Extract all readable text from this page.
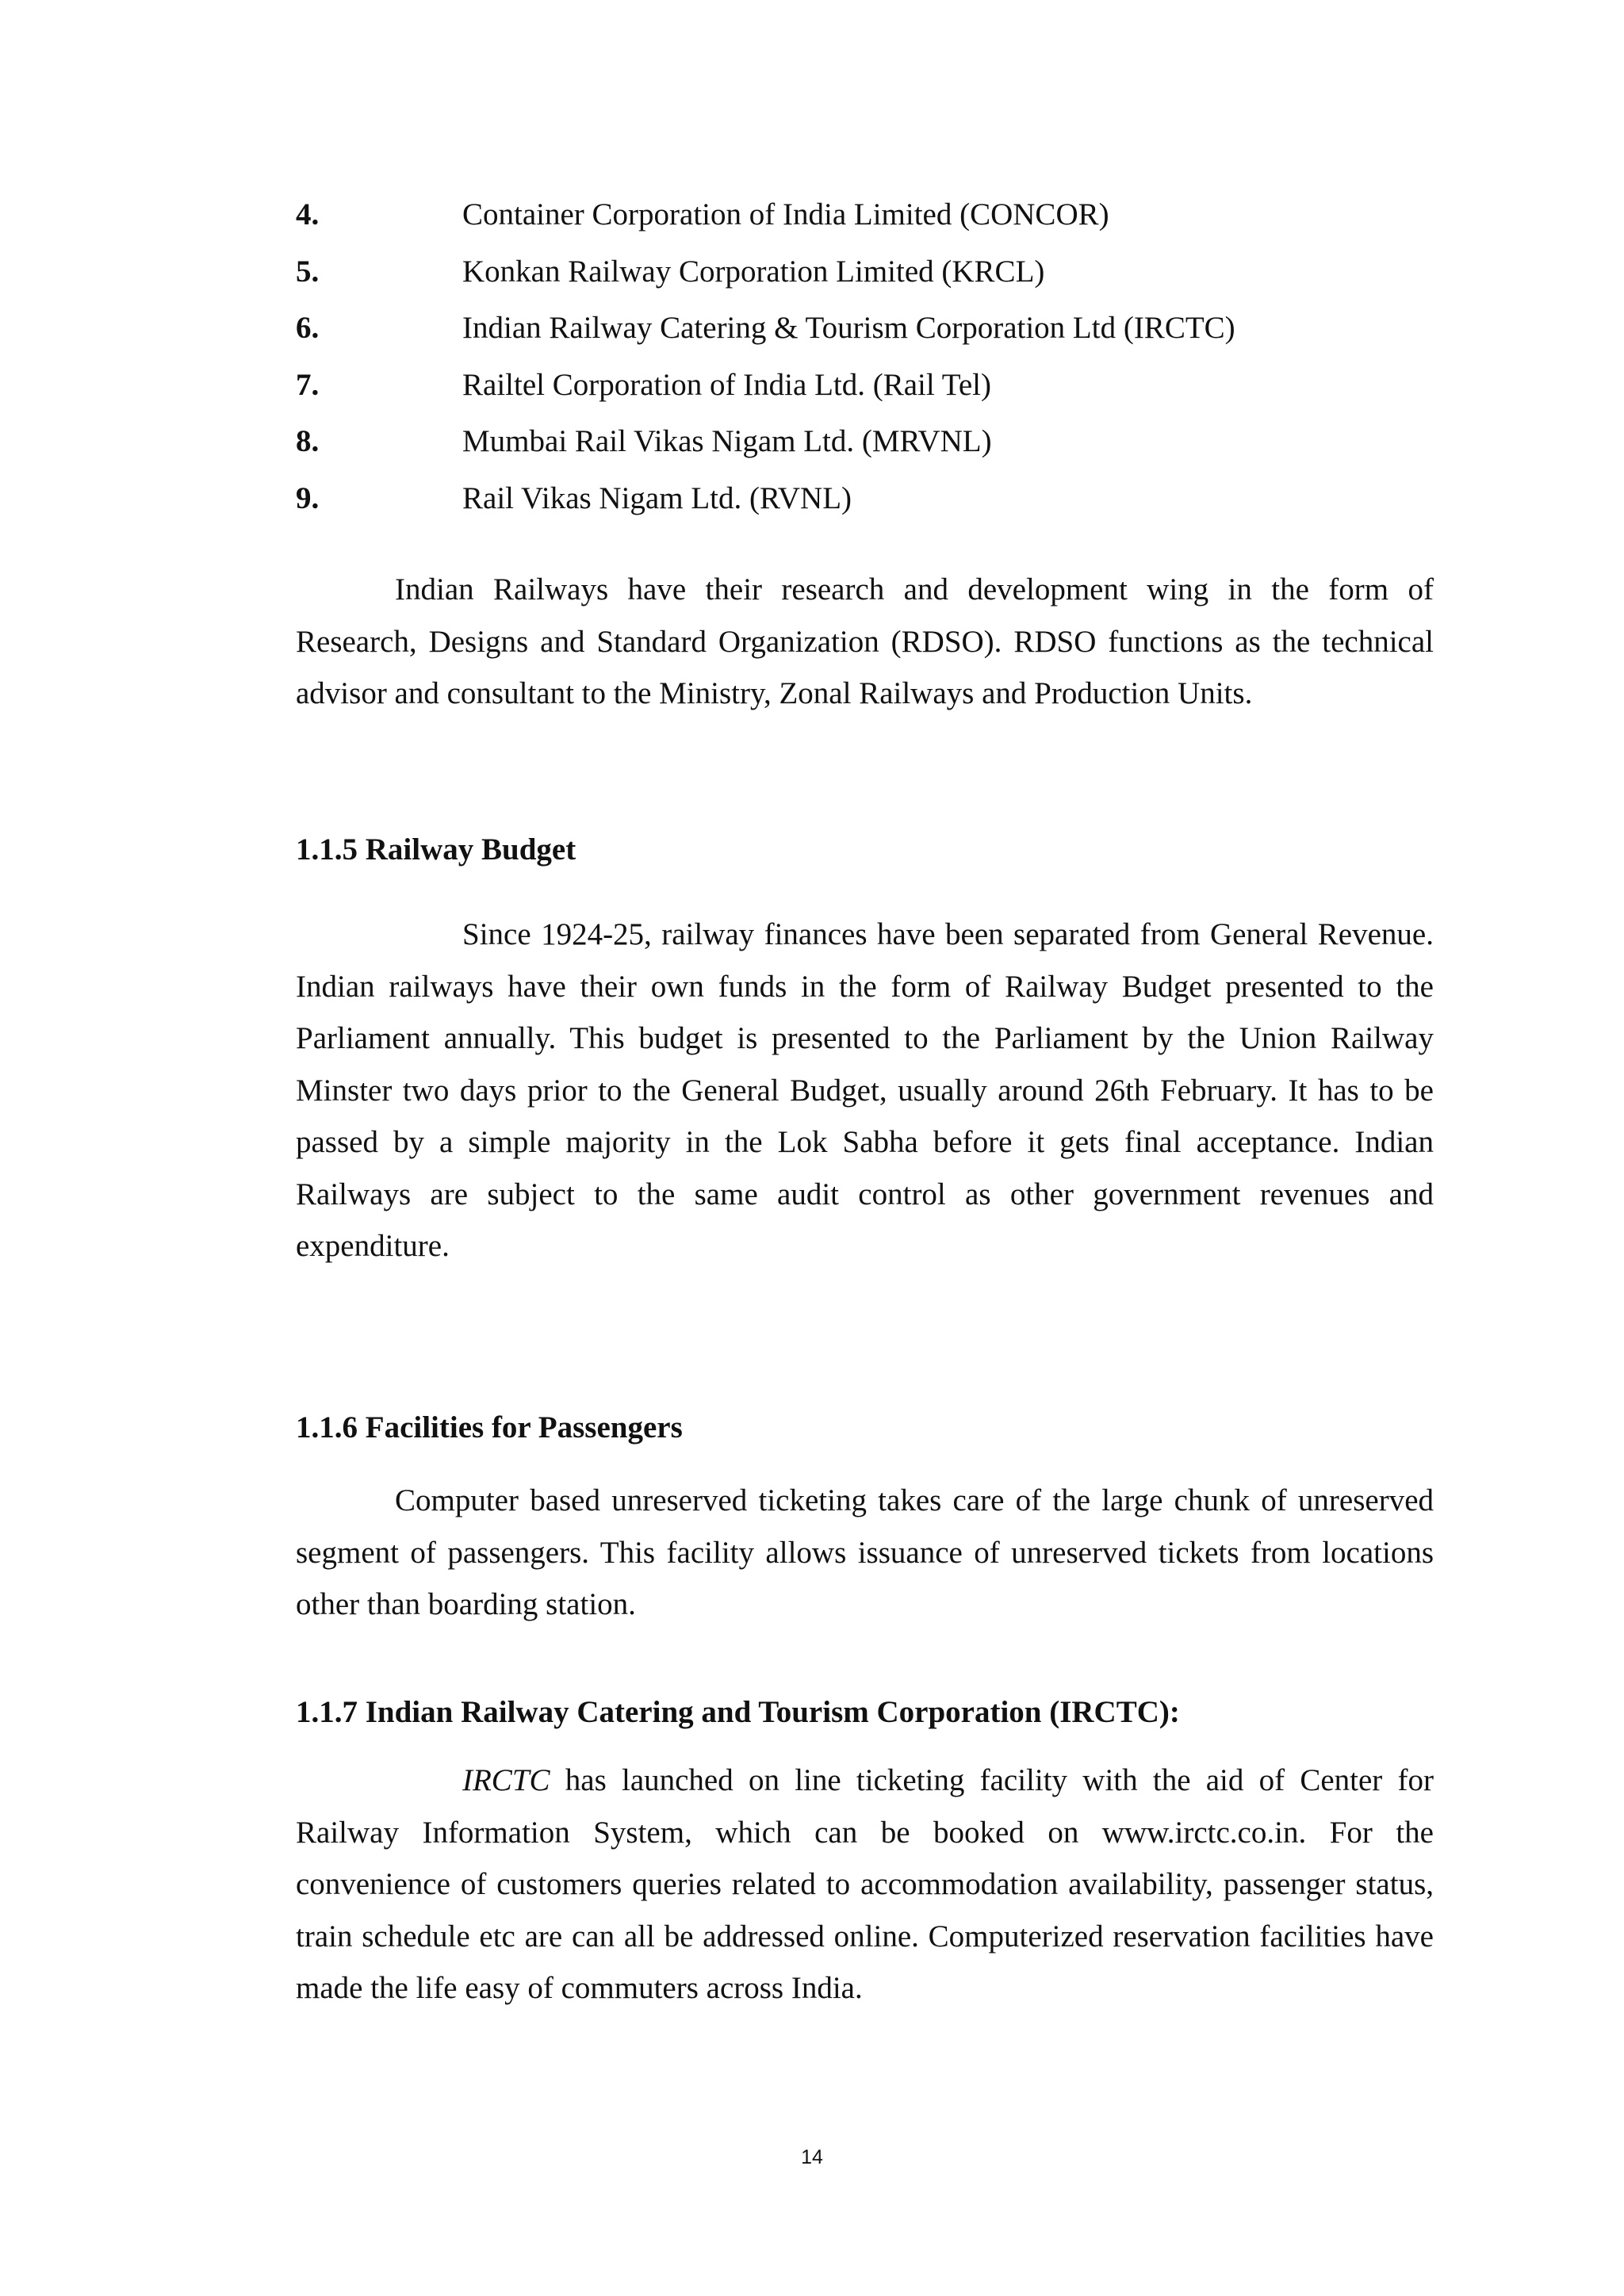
4.	Container Corporation of India Limited (CONCOR)
5.	Konkan Railway Corporation Limited (KRCL)
6.	Indian Railway Catering & Tourism Corporation Ltd (IRCTC)
7.	Railtel Corporation of India Ltd. (Rail Tel)
8.	Mumbai Rail Vikas Nigam Ltd. (MRVNL)
9.	Rail Vikas Nigam Ltd. (RVNL)

Indian Railways have their research and development wing in the form of Research, Designs and Standard Organization (RDSO). RDSO functions as the technical advisor and consultant to the Ministry, Zonal Railways and Production Units.

1.1.5 Railway Budget

Since 1924-25, railway finances have been separated from General Revenue. Indian railways have their own funds in the form of Railway Budget presented to the Parliament annually. This budget is presented to the Parliament by the Union Railway Minster two days prior to the General Budget, usually around 26th February. It has to be passed by a simple majority in the Lok Sabha before it gets final acceptance. Indian Railways are subject to the same audit control as other government revenues and expenditure.

1.1.6 Facilities for Passengers

Computer based unreserved ticketing takes care of the large chunk of unreserved segment of passengers. This facility allows issuance of unreserved tickets from locations other than boarding station.

1.1.7 Indian Railway Catering and Tourism Corporation (IRCTC):

IRCTC has launched on line ticketing facility with the aid of Center for Railway Information System, which can be booked on www.irctc.co.in. For the convenience of customers queries related to accommodation availability, passenger status, train schedule etc are can all be addressed online. Computerized reservation facilities have made the life easy of commuters across India.

14
